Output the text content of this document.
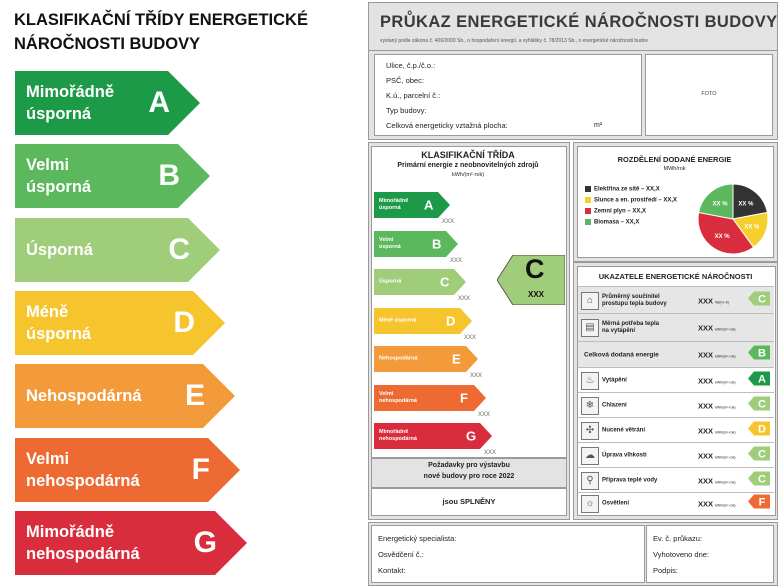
KLASIFIKAČNÍ TŘÍDY ENERGETICKÉ
NÁROČNOSTI BUDOVY
Mimořádně
úsporná	A
Velmi
úsporná B
Úsporná	C
Méně
úsporná	D
Nehospodárná E
Velmi
nehospodárná F
Mimořádně
nehospodárná G
PRŮKAZ ENERGETICKÉ NÁROČNOSTI BUDOVY
vystaný podle zákona č. 406/2000 Sb., o hospodaření energií, a vyhlášky č. 78/2013 Sb., o energetické náročnosti budov
FOTO
Ulice, č.p./č.o.:
PSČ, obec:
K.ú., parcelní č.:
Typ budovy:
Celková energeticky vztažná plocha:	m²
KLASIFIKAČNÍ TŘÍDA
Primární energie z neobnovitelných zdrojů
kWh/(m²·rok)
Mimořádně
úsporná	A
XXX
Velmi
úsporná B
XXX
Úsporná	C
XXX
Méně úsporná D
XXX
Nehospodárná	E
XXX
Velmi
nehospodárná	F
XXX
Mimořádně
nehospodárná	G
XXX
C
XXX
Požadavky pro výstavbu
nové budovy pro roce 2022
jsou SPLNĚNY
ROZDĚLENÍ DODANÉ ENERGIE
MWh/rok
Elektřina ze sítě – XX,X
Slunce a en. prostředí – XX,X
Zemní plyn – XX,X
Biomasa – XX,X
XX %
XX %
XX %
XX %
UKAZATELE ENERGETICKÉ NÁROČNOSTI
⌂	Průměrný součinitel
prostupu tepla budovy	XXX W/(m²·K)	C
▤	Měrná potřeba tepla
na vytápění	XXX kWh/(m²·rok)
Celková dodaná energie	XXX kWh/(m²·rok) B
♨	Vytápění	XXX kWh/(m²·rok) A
❄	Chlazení	XXX kWh/(m²·rok) C
✣	Nucené větrání	XXX kWh/(m²·rok) D
☁	Úprava vlhkosti	XXX kWh/(m²·rok) C
⚲	Příprava teplé vody	XXX kWh/(m²·rok) C
☼	Osvětlení	XXX kWh/(m²·rok) F
Energetický specialista:
Osvědčení č.:
Kontakt:
Ev. č. průkazu:
Vyhotoveno dne:
Podpis:
